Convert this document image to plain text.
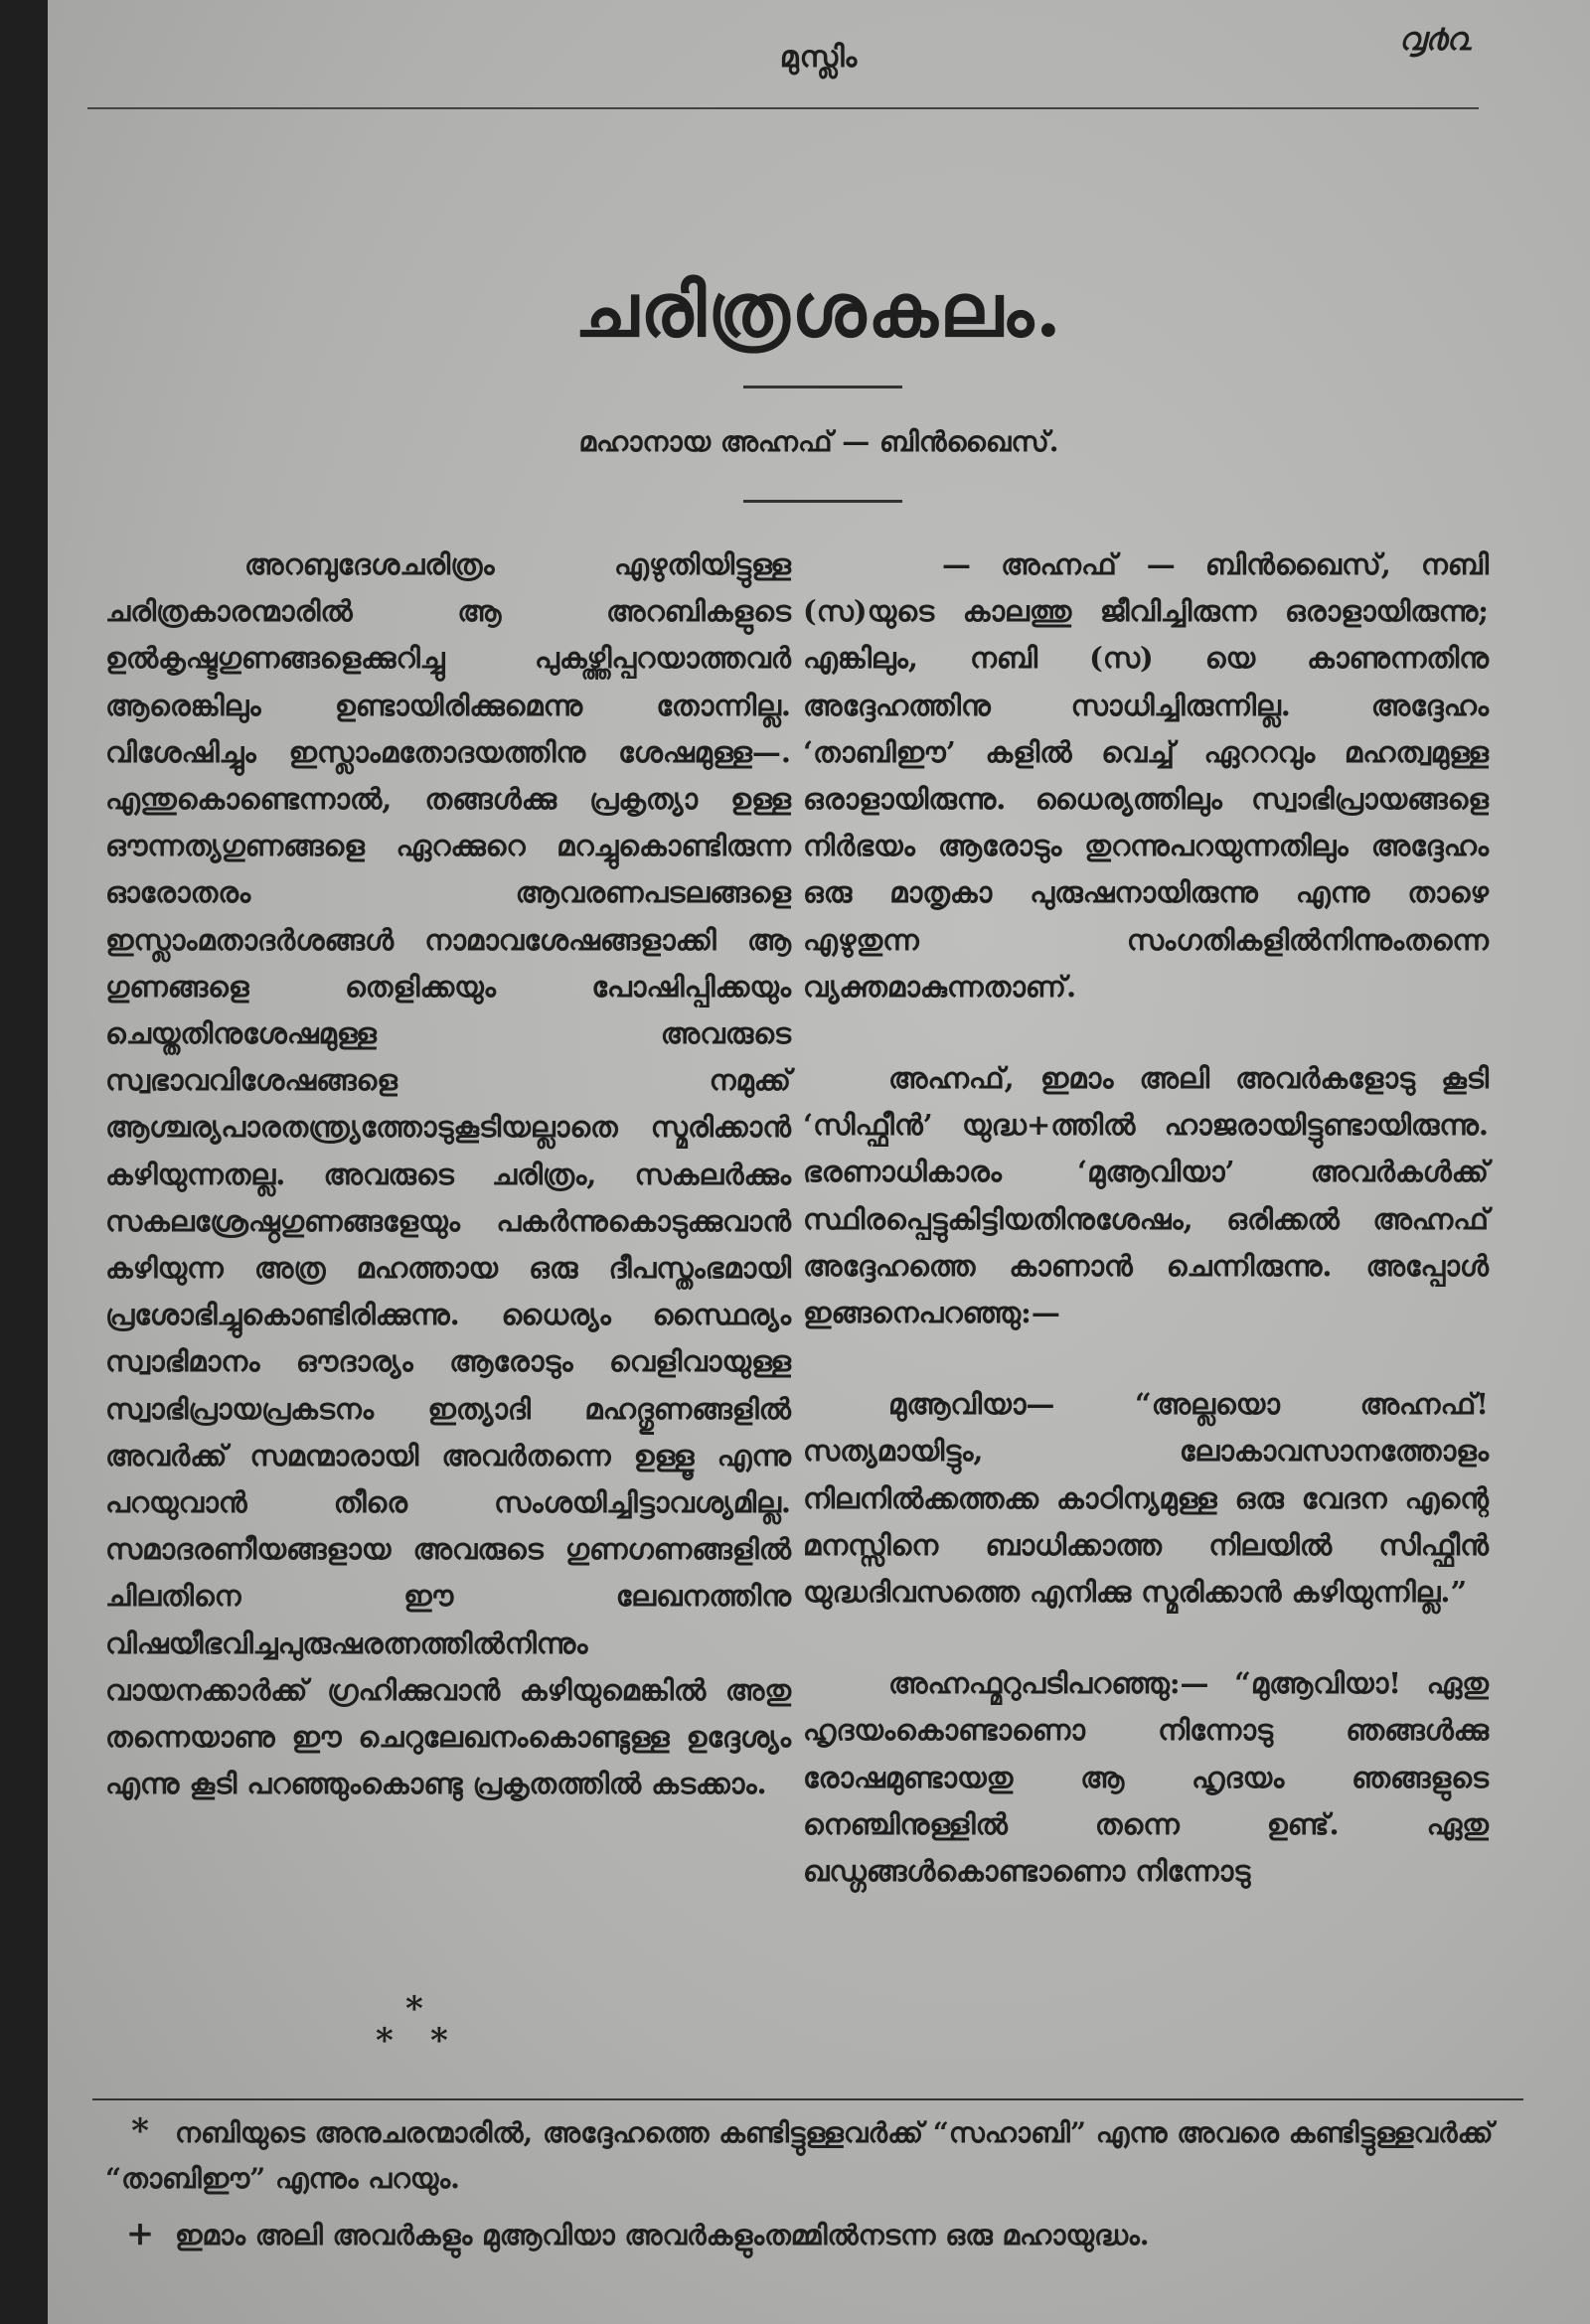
മുസ്ലിം	൮൪൨
ചരിത്രശകലം.
മഹാനായ അഹ്നഫ് — ബിൻഖൈസ്.

അറബുദേശചരിത്രം എഴുതിയിട്ടുള്ള ചരിത്രകാരന്മാരിൽ ആ അറബികളുടെ ഉൽകൃഷ്ടഗുണങ്ങളെക്കുറിച്ചു പുകഴ്ത്തിപ്പറയാത്തവർ ആരെങ്കിലും ഉണ്ടായിരിക്കുമെന്നു തോന്നില്ല. വിശേഷിച്ചും ഇസ്ലാംമതോദയത്തിനു ശേഷമുള്ള—. എന്തുകൊണ്ടെന്നാൽ, തങ്ങൾക്കു പ്രകൃത്യാ ഉള്ള ഔന്നത്യഗുണങ്ങളെ ഏറക്കുറെ മറച്ചുകൊണ്ടിരുന്ന ഓരോതരം ആവരണപടലങ്ങളെ ഇസ്ലാംമതാദർശങ്ങൾ നാമാവശേഷങ്ങളാക്കി ആ ഗുണങ്ങളെ തെളിക്കയും പോഷിപ്പിക്കയും ചെയ്തതിനുശേഷമുള്ള അവരുടെ സ്വഭാവവിശേഷങ്ങളെ നമുക്ക് ആശ്ചര്യപാരതന്ത്ര്യത്തോടുകൂടിയല്ലാതെ സ്മരിക്കാൻ കഴിയുന്നതല്ല. അവരുടെ ചരിത്രം, സകലർക്കും സകലശ്രേഷ്ഠഗുണങ്ങളേയും പകർന്നുകൊടുക്കുവാൻ കഴിയുന്ന അത്ര മഹത്തായ ഒരു ദീപസ്തംഭമായി പ്രശോഭിച്ചുകൊണ്ടിരിക്കുന്നു. ധൈര്യം സ്ഥൈര്യം സ്വാഭിമാനം ഔദാര്യം ആരോടും വെളിവായുള്ള സ്വാഭിപ്രായപ്രകടനം ഇത്യാദി മഹദ്ഗുണങ്ങളിൽ അവർക്ക് സമന്മാരായി അവർതന്നെ ഉള്ളൂ എന്നു പറയുവാൻ തീരെ സംശയിച്ചിട്ടാവശ്യമില്ല. സമാദരണീയങ്ങളായ അവരുടെ ഗുണഗണങ്ങളിൽ ചിലതിനെ ഈ ലേഖനത്തിനു വിഷയീഭവിച്ചപുരുഷരത്നത്തിൽനിന്നും വായനക്കാർക്ക് ഗ്രഹിക്കുവാൻ കഴിയുമെങ്കിൽ അതു തന്നെയാണു ഈ ചെറുലേഖനംകൊണ്ടുള്ള ഉദ്ദേശ്യം എന്നു കൂടി പറഞ്ഞുംകൊണ്ടു പ്രകൃതത്തിൽ കടക്കാം.

— അഹ്നഫ് — ബിൻഖൈസ്, നബി (സ)യുടെ കാലത്തു ജീവിച്ചിരുന്ന ഒരാളായിരുന്നു; എങ്കിലും, നബി (സ) യെ കാണുന്നതിനു അദ്ദേഹത്തിനു സാധിച്ചിരുന്നില്ല. അദ്ദേഹം ‘താബിഈ’ കളിൽ വെച്ച് ഏററവും മഹത്വമുള്ള ഒരാളായിരുന്നു. ധൈര്യത്തിലും സ്വാഭിപ്രായങ്ങളെ നിർഭയം ആരോടും തുറന്നുപറയുന്നതിലും അദ്ദേഹം ഒരു മാതൃകാ പുരുഷനായിരുന്നു എന്നു താഴെ എഴുതുന്ന സംഗതികളിൽനിന്നുംതന്നെ വ്യക്തമാകുന്നതാണ്.

അഹ്നഫ്, ഇമാം അലി അവർകളോടു കൂടി ‘സിഫ്ഫീൻ’ യുദ്ധ+ത്തിൽ ഹാജരായിട്ടുണ്ടായിരുന്നു. ഭരണാധികാരം ‘മുആവിയാ’ അവർകൾക്ക് സ്ഥിരപ്പെട്ടുകിട്ടിയതിനുശേഷം, ഒരിക്കൽ അഹ്നഫ് അദ്ദേഹത്തെ കാണാൻ ചെന്നിരുന്നു. അപ്പോൾ ഇങ്ങനെപറഞ്ഞു:—

മുആവിയാ— “അല്ലയൊ അഹ്നഫ്! സത്യമായിട്ടും, ലോകാവസാനത്തോളം നിലനിൽക്കത്തക്ക കാഠിന്യമുള്ള ഒരു വേദന എന്റെ മനസ്സിനെ ബാധിക്കാത്ത നിലയിൽ സിഫ്ഫീൻ യുദ്ധദിവസത്തെ എനിക്കു സ്മരിക്കാൻ കഴിയുന്നില്ല.”

അഹ്നഫ്മറുപടിപറഞ്ഞു:— “മുആവിയാ! ഏതു ഹൃദയംകൊണ്ടാണൊ നിന്നോടു ഞങ്ങൾക്കു രോഷമുണ്ടായതു ആ ഹൃദയം ഞങ്ങളുടെ നെഞ്ചിനുള്ളിൽ തന്നെ ഉണ്ട്. ഏതു ഖഡ്ഗങ്ങൾകൊണ്ടാണൊ നിന്നോടു

*
* *
* നബിയുടെ അനുചരന്മാരിൽ, അദ്ദേഹത്തെ കണ്ടിട്ടുള്ളവർക്ക് “സഹാബി” എന്നു അവരെ കണ്ടിട്ടുള്ളവർക്ക് “താബിഈ” എന്നും പറയും.
+ ഇമാം അലി അവർകളും മുആവിയാ അവർകളുംതമ്മിൽനടന്ന ഒരു മഹായുദ്ധം.
